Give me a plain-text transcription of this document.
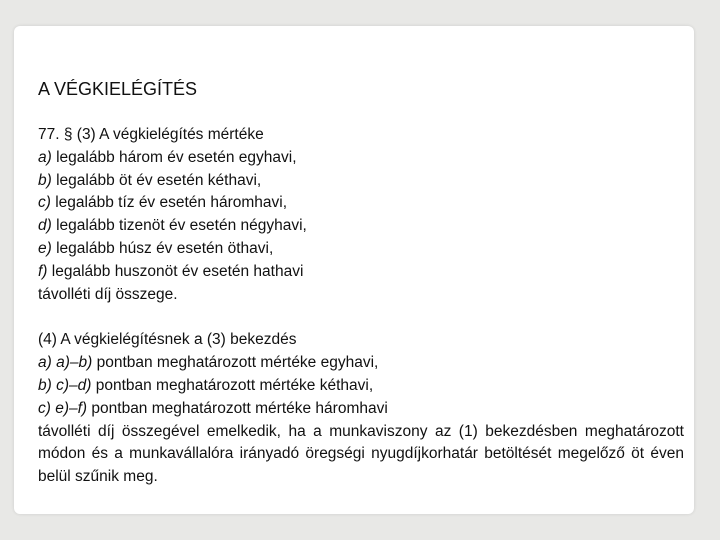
A VÉGKIELÉGÍTÉS

77. § (3) A végkielégítés mértéke

a) legalább három év esetén egyhavi,

b) legalább öt év esetén kéthavi,

c) legalább tíz év esetén háromhavi,

d) legalább tizenöt év esetén négyhavi,

e) legalább húsz év esetén öthavi,

f) legalább huszonöt év esetén hathavi

távolléti díj összege.

(4) A végkielégítésnek a (3) bekezdés

a) a)–b) pontban meghatározott mértéke egyhavi,

b) c)–d) pontban meghatározott mértéke kéthavi,

c) e)–f) pontban meghatározott mértéke háromhavi

távolléti díj összegével emelkedik, ha a munkaviszony az (1) bekezdésben meghatározott módon és a munkavállalóra irányadó öregségi nyugdíjkorhatár betöltését megelőző öt éven belül szűnik meg.
